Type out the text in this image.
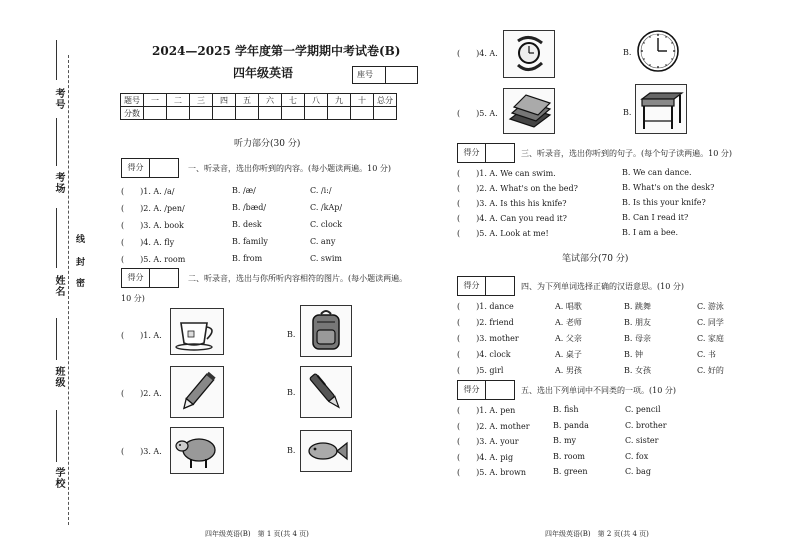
考号
考场
姓名
班级
学校
线
封
密
2024—2025 学年度第一学期期中考试卷(B)
四年级英语	座号
题号	一	二	三	四	五	六	七	八	九	十	总分
分数											
听力部分(30 分)
得分	一、听录音，选出你听到的内容。(每小题读两遍。10 分)
(　　)1. A. /a/	B. /æ/	C. /i:/
(　　)2. A. /pen/	B. /bæd/	C. /kAp/
(　　)3. A. book	B. desk	C. clock
(　　)4. A. fly	B. family	C. any
(　　)5. A. room	B. from	C. swim
得分	二、听录音，选出与你所听内容相符的图片。(每小题读两遍。
10 分)
(　　)1. A.	B.
(　　)2. A.	B.
(　　)3. A.	B.
四年级英语(B)　第 1 页(共 4 页)
(　　)4. A.	B.
(　　)5. A.	B.
得分	三、听录音，选出你听到的句子。(每个句子读两遍。10 分)
(　　)1. A. We can swim.	B. We can dance.
(　　)2. A. What's on the bed?	B. What's on the desk?
(　　)3. A. Is this his knife?	B. Is this your knife?
(　　)4. A. Can you read it?	B. Can I read it?
(　　)5. A. Look at me!	B. I am a bee.
笔试部分(70 分)
得分	四、为下列单词选择正确的汉语意思。(10 分)
(　　)1. dance	A. 唱歌	B. 跳舞	C. 游泳
(　　)2. friend	A. 老师	B. 朋友	C. 同学
(　　)3. mother	A. 父亲	B. 母亲	C. 家庭
(　　)4. clock	A. 桌子	B. 钟	C. 书
(　　)5. girl	A. 男孩	B. 女孩	C. 好的
得分	五、选出下列单词中不同类的一项。(10 分)
(　　)1. A. pen	B. fish	C. pencil
(　　)2. A. mother	B. panda	C. brother
(　　)3. A. your	B. my	C. sister
(　　)4. A. pig	B. room	C. fox
(　　)5. A. brown	B. green	C. bag
四年级英语(B)　第 2 页(共 4 页)
